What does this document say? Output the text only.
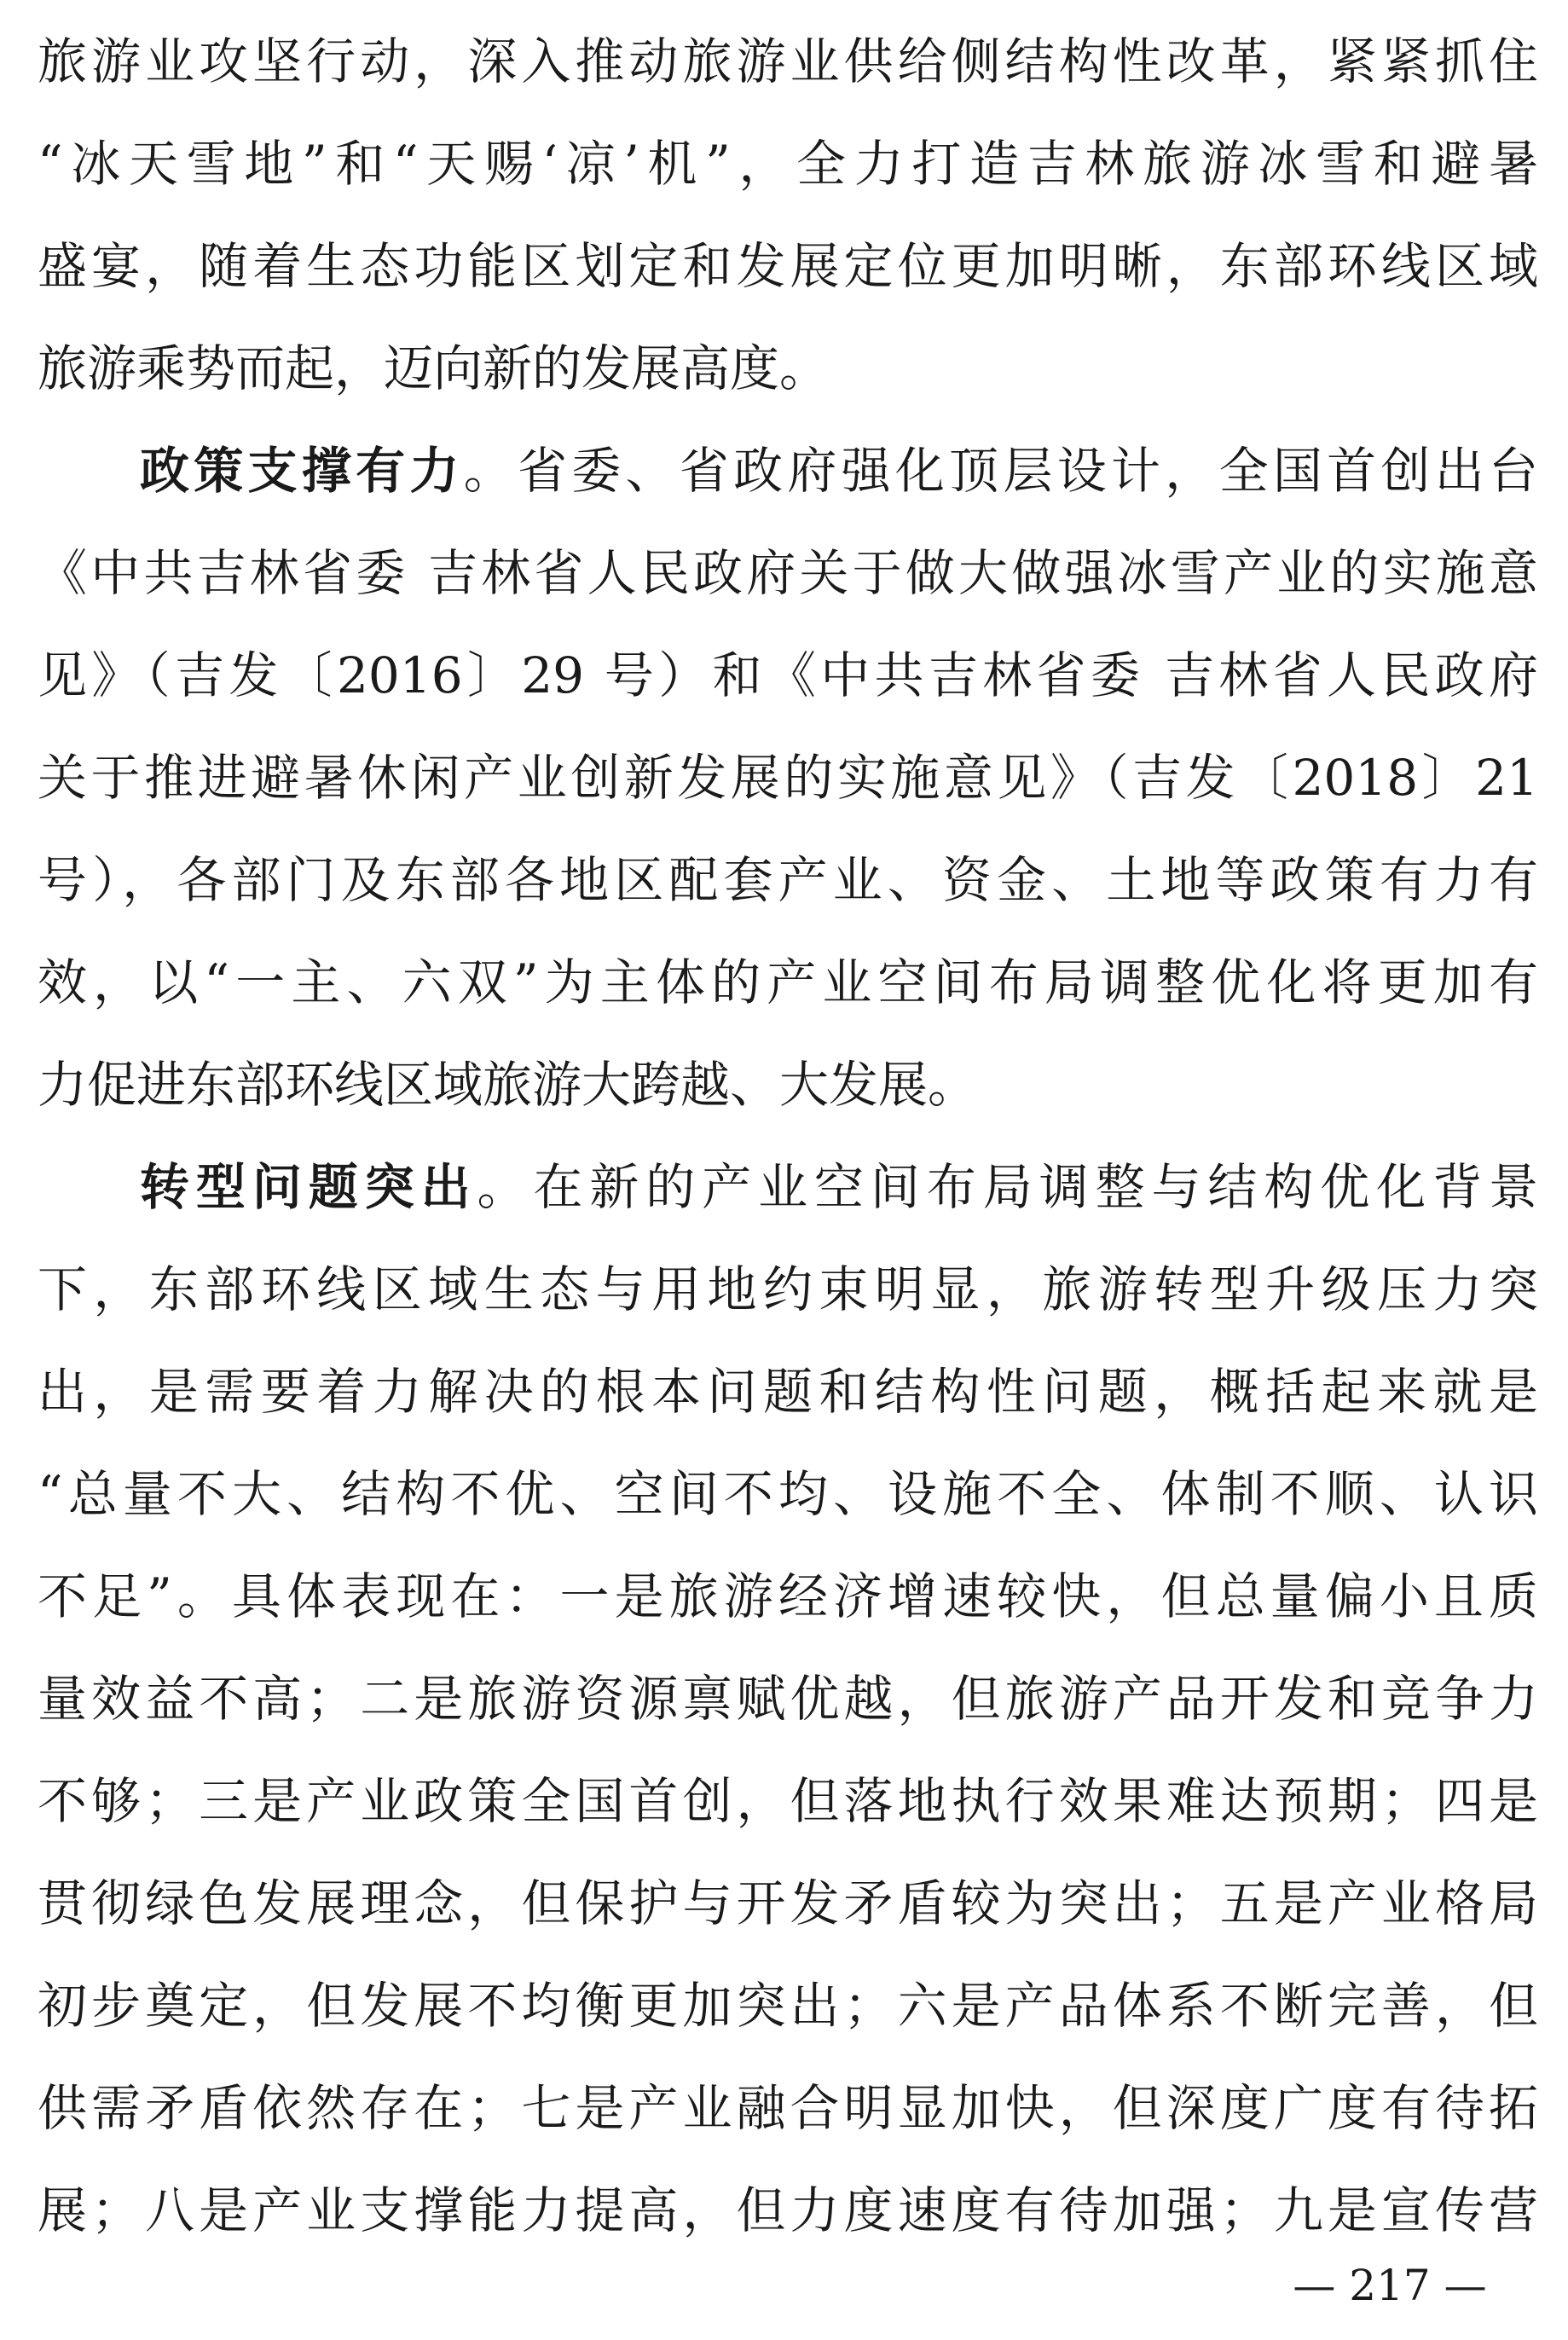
旅游业攻坚行动，深入推动旅游业供给侧结构性改革，紧紧抓住
“冰天雪地”和“天赐‘凉’机”，全力打造吉林旅游冰雪和避暑
盛宴，随着生态功能区划定和发展定位更加明晰，东部环线区域
旅游乘势而起，迈向新的发展高度。
政策支撑有力。省委、省政府强化顶层设计，全国首创出台
《中共吉林省委 吉林省人民政府关于做大做强冰雪产业的实施意
见》（吉发〔2016〕29 号）和《中共吉林省委 吉林省人民政府
关于推进避暑休闲产业创新发展的实施意见》（吉发〔2018〕21
号），各部门及东部各地区配套产业、资金、土地等政策有力有
效，以“一主、六双”为主体的产业空间布局调整优化将更加有
力促进东部环线区域旅游大跨越、大发展。
转型问题突出。在新的产业空间布局调整与结构优化背景
下，东部环线区域生态与用地约束明显，旅游转型升级压力突
出，是需要着力解决的根本问题和结构性问题，概括起来就是
“总量不大、结构不优、空间不均、设施不全、体制不顺、认识
不足”。具体表现在：一是旅游经济增速较快，但总量偏小且质
量效益不高；二是旅游资源禀赋优越，但旅游产品开发和竞争力
不够；三是产业政策全国首创，但落地执行效果难达预期；四是
贯彻绿色发展理念，但保护与开发矛盾较为突出；五是产业格局
初步奠定，但发展不均衡更加突出；六是产品体系不断完善，但
供需矛盾依然存在；七是产业融合明显加快，但深度广度有待拓
展；八是产业支撑能力提高，但力度速度有待加强；九是宣传营
— 217 —
